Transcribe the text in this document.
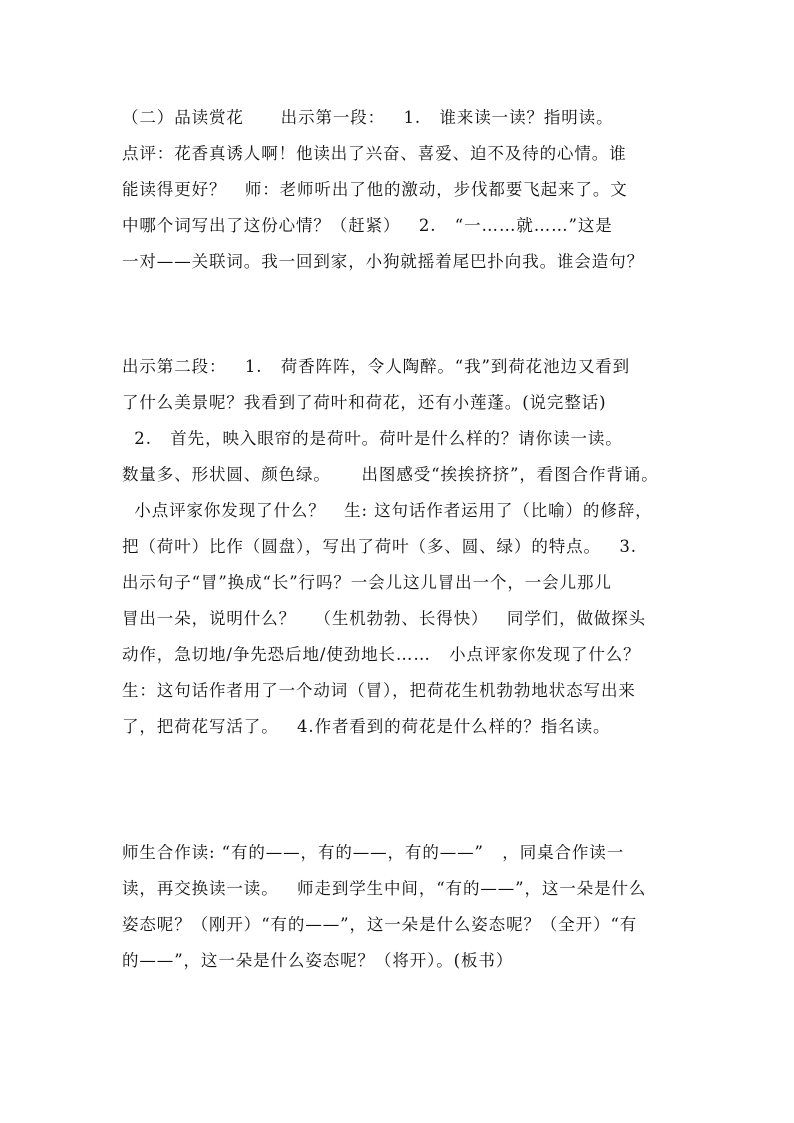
（二）品读赏花      出示第一段：   1.   谁来读一读？指明读。
点评：花香真诱人啊！他读出了兴奋、喜爱、迫不及待的心情。谁
能读得更好？   师：老师听出了他的激动，步伐都要飞起来了。文
中哪个词写出了这份心情？（赶紧）   2.   “一……就……”这是
一对——关联词。我一回到家，小狗就摇着尾巴扑向我。谁会造句？
出示第二段：   1.   荷香阵阵，令人陶醉。“我”到荷花池边又看到
了什么美景呢？我看到了荷叶和荷花，还有小莲蓬。(说完整话)
2.   首先，映入眼帘的是荷叶。荷叶是什么样的？请你读一读。
数量多、形状圆、颜色绿。     出图感受“挨挨挤挤”，看图合作背诵。
小点评家你发现了什么？   生: 这句话作者运用了（比喻）的修辞，
把（荷叶）比作（圆盘），写出了荷叶（多、圆、绿）的特点。   3.
出示句子“冒”换成“长”行吗？一会儿这儿冒出一个，一会儿那儿
冒出一朵，说明什么？   （生机勃勃、长得快）   同学们，做做探头
动作，急切地/争先恐后地/使劲地长……   小点评家你发现了什么？
生：这句话作者用了一个动词（冒），把荷花生机勃勃地状态写出来
了，把荷花写活了。   4.作者看到的荷花是什么样的？指名读。
师生合作读: “有的——，有的——，有的——”   ，同桌合作读一
读，再交换读一读。   师走到学生中间，“有的——”，这一朵是什么
姿态呢？（刚开）“有的——”，这一朵是什么姿态呢？（全开）“有
的——”，这一朵是什么姿态呢？（将开）。(板书）
